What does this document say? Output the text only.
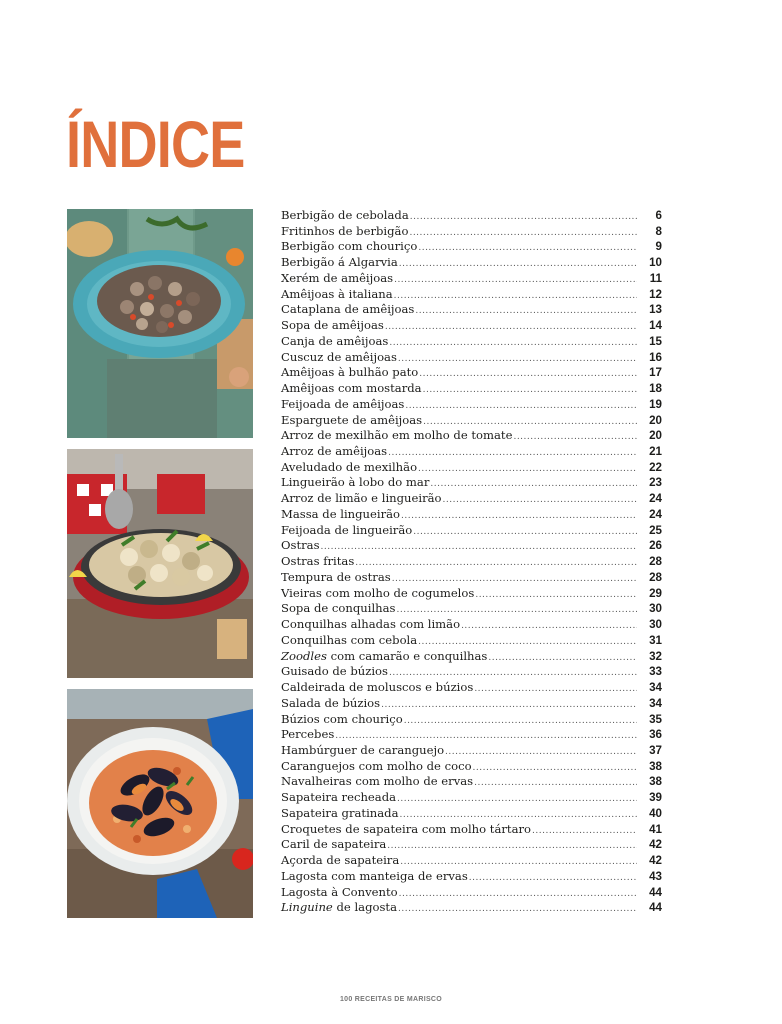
ÍNDICE
Berbigão de cebolada .....	6
Fritinhos de berbigão .....	8
Berbigão com chouriço .....	9
Berbigão á Algarvia .....	10
Xerém de amêijoas .....	11
Amêijoas à italiana .....	12
Cataplana de amêijoas .....	13
Sopa de amêijoas .....	14
Canja de amêijoas .....	15
Cuscuz de amêijoas .....	16
Amêijoas à bulhão pato .....	17
Amêijoas com mostarda .....	18
Feijoada de amêijoas .....	19
Esparguete de amêijoas .....	20
Arroz de mexilhão em molho de tomate .....	20
Arroz de amêijoas .....	21
Aveludado de mexilhão .....	22
Lingueirão à lobo do mar .....	23
Arroz de limão e lingueirão .....	24
Massa de lingueirão .....	24
Feijoada de lingueirão .....	25
Ostras .....	26
Ostras fritas .....	28
Tempura de ostras .....	28
Vieiras com molho de cogumelos .....	29
Sopa de conquilhas .....	30
Conquilhas alhadas com limão .....	30
Conquilhas com cebola .....	31
Zoodles com camarão e conquilhas .....	32
Guisado de búzios .....	33
Caldeirada de moluscos e búzios .....	34
Salada de búzios .....	34
Búzios com chouriço .....	35
Percebes .....	36
Hambúrguer de caranguejo .....	37
Caranguejos com molho de coco .....	38
Navalheiras com molho de ervas .....	38
Sapateira recheada .....	39
Sapateira gratinada .....	40
Croquetes de sapateira com molho tártaro .....	41
Caril de sapateira .....	42
Açorda de sapateira .....	42
Lagosta com manteiga de ervas .....	43
Lagosta à Convento .....	44
Linguine de lagosta .....	44
100 RECEITAS DE MARISCO
